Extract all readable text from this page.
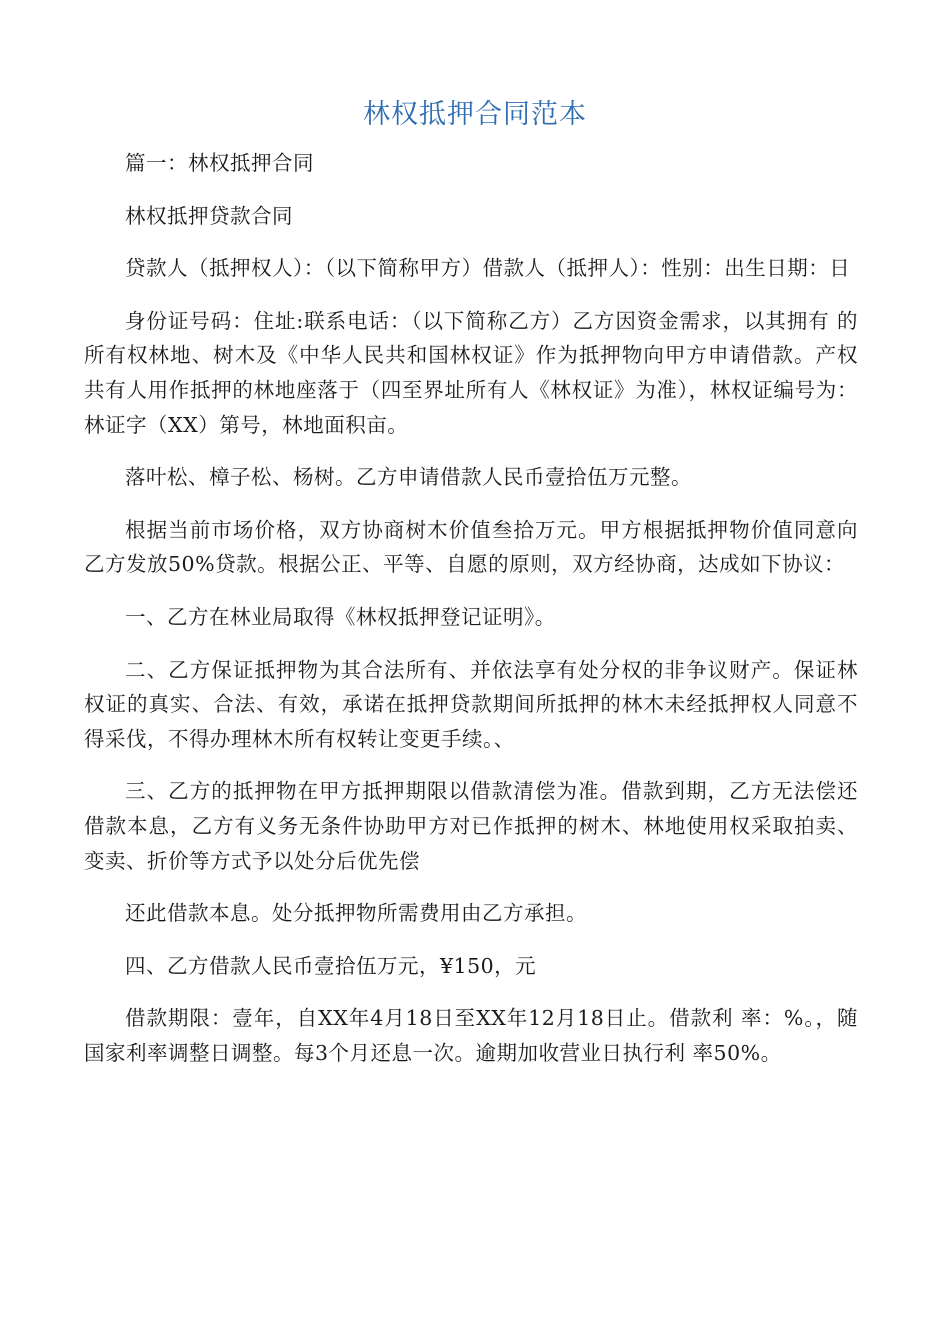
林权抵押合同范本

篇一：林权抵押合同

林权抵押贷款合同

贷款人（抵押权人）：（以下简称甲方）借款人（抵押人）：性别：出生日期：日

身份证号码：住址:联系电话：（以下简称乙方）乙方因资金需求，以其拥有 的所有权林地、树木及《中华人民共和国林权证》作为抵押物向甲方申请借款。产权共有人用作抵押的林地座落于（四至界址所有人《林权证》为准），林权证编号为：林证字（XX）第号，林地面积亩。

落叶松、樟子松、杨树。乙方申请借款人民币壹拾伍万元整。

根据当前市场价格，双方协商树木价值叁拾万元。甲方根据抵押物价值同意向乙方发放50%贷款。根据公正、平等、自愿的原则，双方经协商，达成如下协议：

一、乙方在林业局取得《林权抵押登记证明》。

二、乙方保证抵押物为其合法所有、并依法享有处分权的非争议财产。保证林权证的真实、合法、有效，承诺在抵押贷款期间所抵押的林木未经抵押权人同意不得采伐，不得办理林木所有权转让变更手续。、

三、乙方的抵押物在甲方抵押期限以借款清偿为准。借款到期，乙方无法偿还借款本息，乙方有义务无条件协助甲方对已作抵押的树木、林地使用权采取拍卖、变卖、折价等方式予以处分后优先偿

还此借款本息。处分抵押物所需费用由乙方承担。

四、乙方借款人民币壹拾伍万元，¥150，元

借款期限：壹年，自XX年4月18日至XX年12月18日止。借款利 率：%。，随国家利率调整日调整。每3个月还息一次。逾期加收营业日执行利 率50%。
